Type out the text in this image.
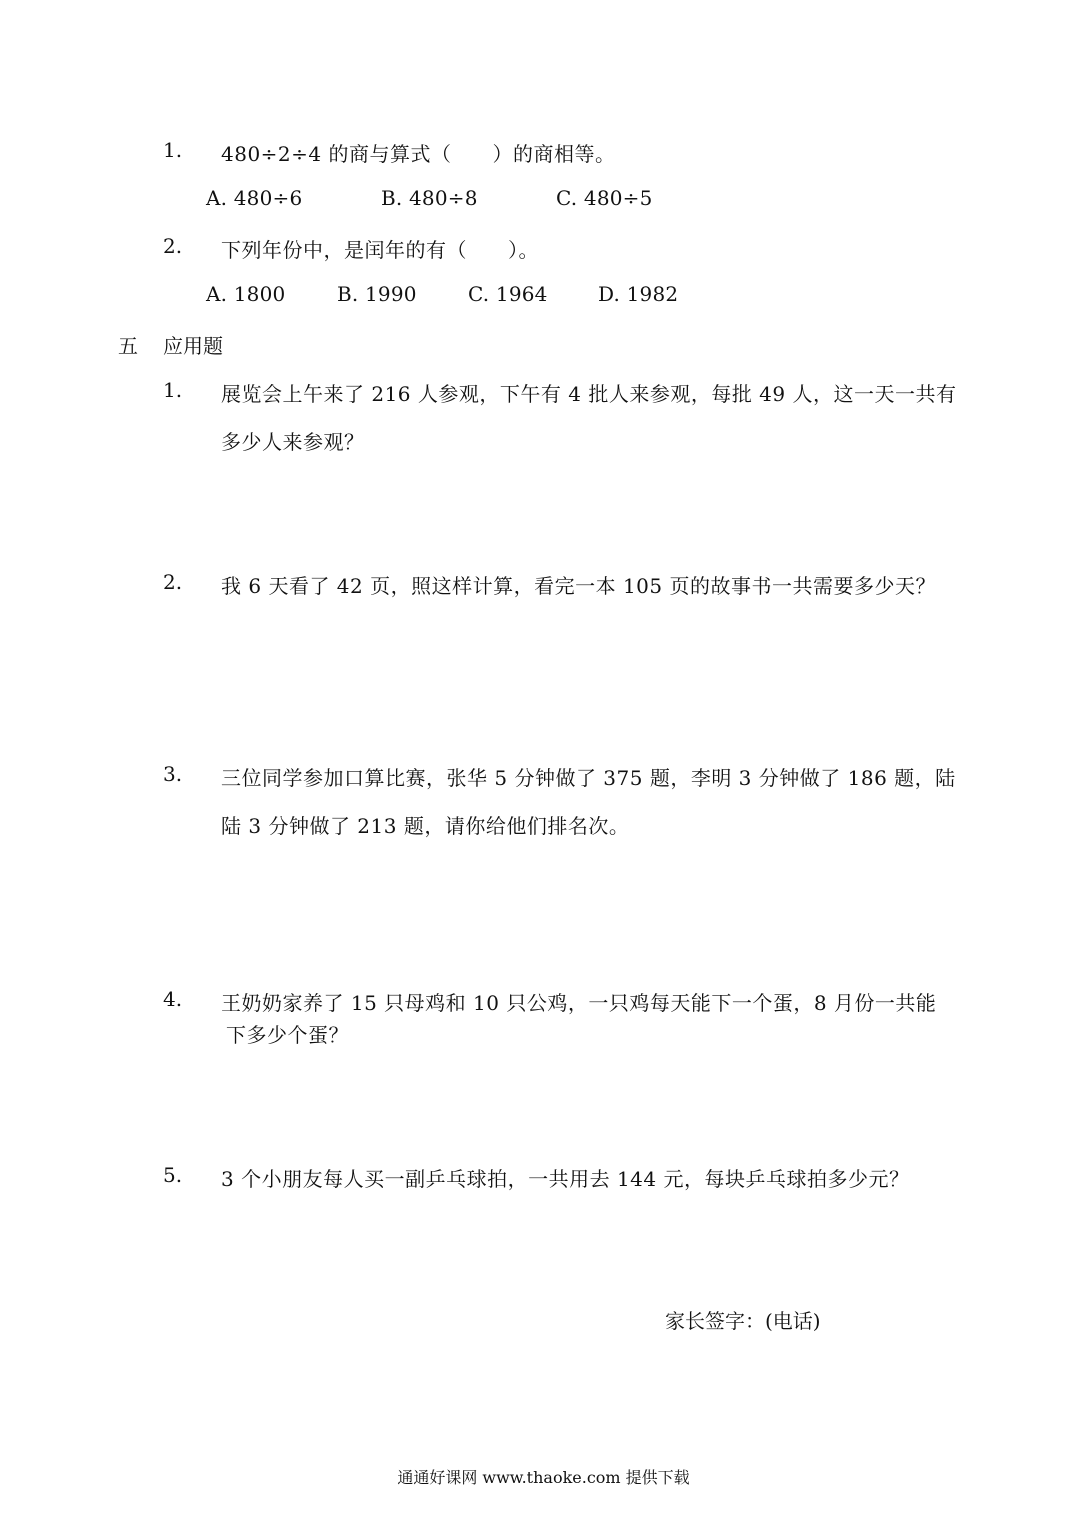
1. 480÷2÷4 的商与算式（　　）的商相等。
A. 480÷6	B. 480÷8	C. 480÷5
2. 下列年份中，是闰年的有（　　）。
A. 1800	B. 1990	C. 1964	D. 1982
五 应用题
1. 展览会上午来了 216 人参观，下午有 4 批人来参观，每批 49 人，这一天一共有
多少人来参观？
2. 我 6 天看了 42 页，照这样计算，看完一本 105 页的故事书一共需要多少天？
3. 三位同学参加口算比赛，张华 5 分钟做了 375 题，李明 3 分钟做了 186 题，陆
陆 3 分钟做了 213 题，请你给他们排名次。
4. 王奶奶家养了 15 只母鸡和 10 只公鸡，一只鸡每天能下一个蛋，8 月份一共能
下多少个蛋？
5. 3 个小朋友每人买一副乒乓球拍，一共用去 144 元，每块乒乓球拍多少元？
家长签字：(电话)
通通好课网 www.thaoke.com 提供下载
